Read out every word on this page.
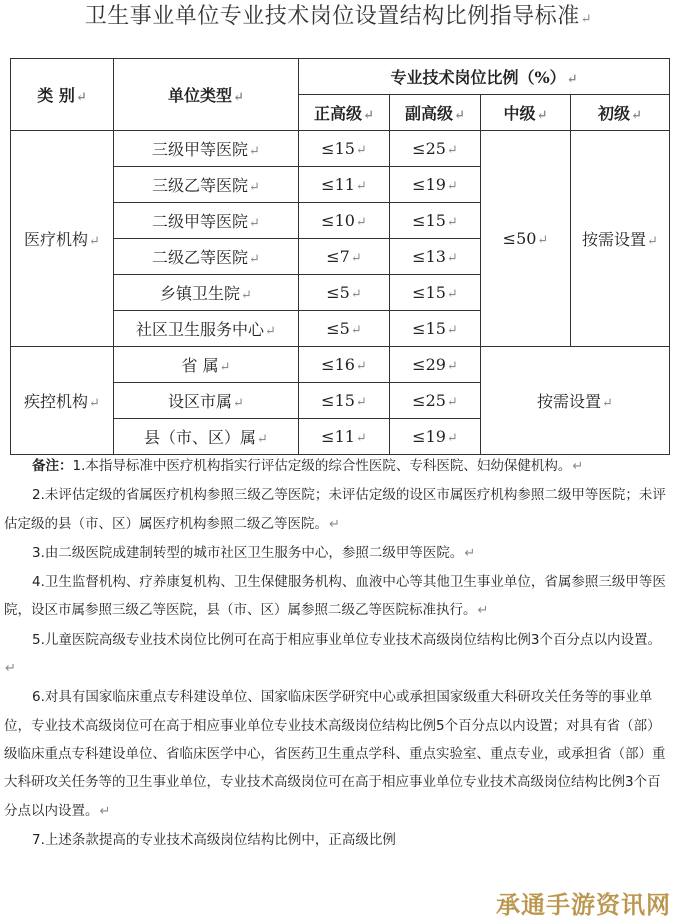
卫生事业单位专业技术岗位设置结构比例指导标准↵
类 别↵	单位类型↵	专业技术岗位比例（%）↵			
		正高级↵	副高级↵	中级↵	初级↵
医疗机构↵	三级甲等医院↵	≤15↵	≤25↵	≤50↵	按需设置↵
	三级乙等医院↵	≤11↵	≤19↵		
	二级甲等医院↵	≤10↵	≤15↵		
	二级乙等医院↵	≤7↵	≤13↵		
	乡镇卫生院↵	≤5↵	≤15↵		
	社区卫生服务中心↵	≤5↵	≤15↵		
疾控机构↵	省 属↵	≤16↵	≤29↵	按需设置↵	
	设区市属↵	≤15↵	≤25↵		
	县（市、区）属↵	≤11↵	≤19↵		

备注：1.本指导标准中医疗机构指实行评估定级的综合性医院、专科医院、妇幼保健机构。↵

2.未评估定级的省属医疗机构参照三级乙等医院；未评估定级的设区市属医疗机构参照二级甲等医院；未评估定级的县（市、区）属医疗机构参照二级乙等医院。↵

3.由二级医院成建制转型的城市社区卫生服务中心，参照二级甲等医院。↵

4.卫生监督机构、疗养康复机构、卫生保健服务机构、血液中心等其他卫生事业单位，省属参照三级甲等医院，设区市属参照三级乙等医院，县（市、区）属参照二级乙等医院标准执行。↵

5.儿童医院高级专业技术岗位比例可在高于相应事业单位专业技术高级岗位结构比例3个百分点以内设置。↵

6.对具有国家临床重点专科建设单位、国家临床医学研究中心或承担国家级重大科研攻关任务等的事业单位，专业技术高级岗位可在高于相应事业单位专业技术高级岗位结构比例5个百分点以内设置；对具有省（部）级临床重点专科建设单位、省临床医学中心，省医药卫生重点学科、重点实验室、重点专业，或承担省（部）重大科研攻关任务等的卫生事业单位，专业技术高级岗位可在高于相应事业单位专业技术高级岗位结构比例3个百分点以内设置。↵

7.上述条款提高的专业技术高级岗位结构比例中，正高级比例

承通手游资讯网
